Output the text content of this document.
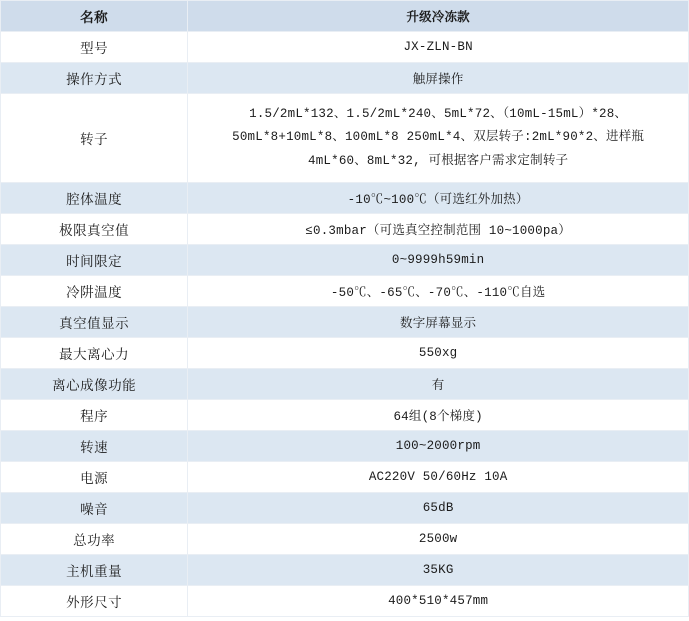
名称	升级冷冻款
型号	JX-ZLN-BN

操作方式	触屏操作

转子	1.5/2mL*132、1.5/2mL*240、5mL*72、（10mL-15mL）*28、
50mL*8+10mL*8、100mL*8 250mL*4、双层转子:2mL*90*2、进样瓶
4mL*60、8mL*32, 可根据客户需求定制转子

腔体温度	-10℃~100℃（可选红外加热）

极限真空值	≤0.3mbar（可选真空控制范围 10~1000pa）

时间限定	0~9999h59min

冷阱温度	-50℃、-65℃、-70℃、-110℃自选

真空值显示	数字屏幕显示

最大离心力	550xg

离心成像功能	有

程序	64组(8个梯度)

转速	100~2000rpm

电源	AC220V 50/60Hz 10A

噪音	65dB

总功率	2500w

主机重量	35KG

外形尺寸	400*510*457mm
